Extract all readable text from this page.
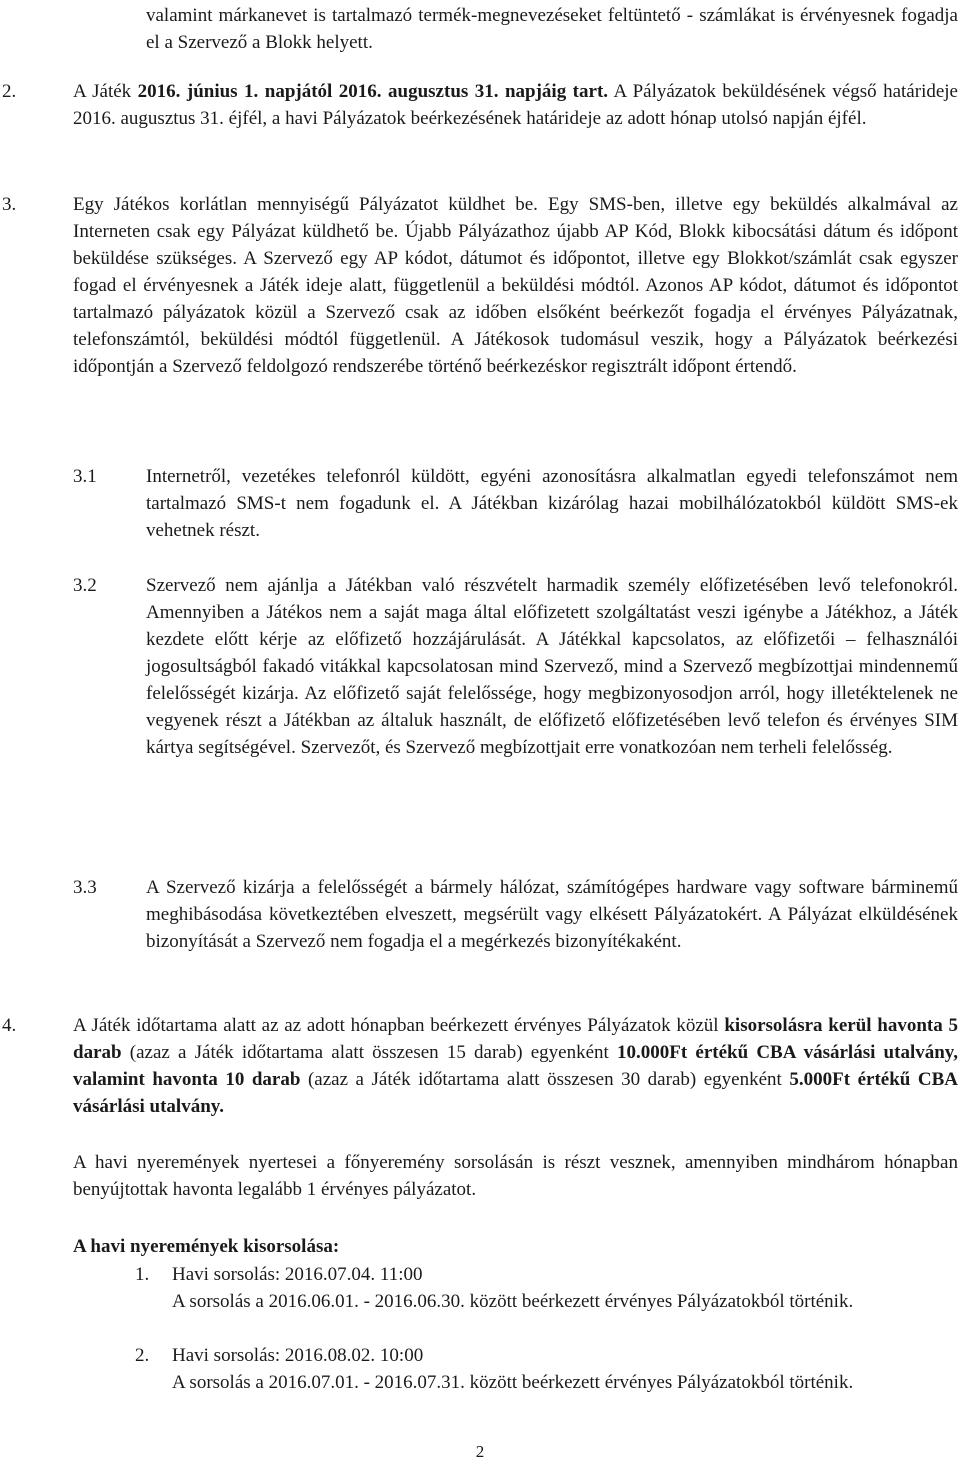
valamint márkanevet is tartalmazó termék-megnevezéseket feltüntető - számlákat is érvényesnek fogadja el a Szervező a Blokk helyett.
2.	A Játék 2016. június 1. napjától 2016. augusztus 31. napjáig tart. A Pályázatok beküldésének végső határideje 2016. augusztus 31. éjfél, a havi Pályázatok beérkezésének határideje az adott hónap utolsó napján éjfél.
3.	Egy Játékos korlátlan mennyiségű Pályázatot küldhet be. Egy SMS-ben, illetve egy beküldés alkalmával az Interneten csak egy Pályázat küldhető be. Újabb Pályázathoz újabb AP Kód, Blokk kibocsátási dátum és időpont beküldése szükséges. A Szervező egy AP kódot, dátumot és időpontot, illetve egy Blokkot/számlát csak egyszer fogad el érvényesnek a Játék ideje alatt, függetlenül a beküldési módtól. Azonos AP kódot, dátumot és időpontot tartalmazó pályázatok közül a Szervező csak az időben elsőként beérkezőt fogadja el érvényes Pályázatnak, telefonszámtól, beküldési módtól függetlenül. A Játékosok tudomásul veszik, hogy a Pályázatok beérkezési időpontján a Szervező feldolgozó rendszerébe történő beérkezéskor regisztrált időpont értendő.
3.1	Internetről, vezetékes telefonról küldött, egyéni azonosításra alkalmatlan egyedi telefonszámot nem tartalmazó SMS-t nem fogadunk el. A Játékban kizárólag hazai mobilhálózatokból küldött SMS-ek vehetnek részt.
3.2	Szervező nem ajánlja a Játékban való részvételt harmadik személy előfizetésében levő telefonokról. Amennyiben a Játékos nem a saját maga által előfizetett szolgáltatást veszi igénybe a Játékhoz, a Játék kezdete előtt kérje az előfizető hozzájárulását. A Játékkal kapcsolatos, az előfizetői – felhasználói jogosultságból fakadó vitákkal kapcsolatosan mind Szervező, mind a Szervező megbízottjai mindennemű felelősségét kizárja. Az előfizető saját felelőssége, hogy megbizonyosodjon arról, hogy illetéktelenek ne vegyenek részt a Játékban az általuk használt, de előfizető előfizetésében levő telefon és érvényes SIM kártya segítségével. Szervezőt, és Szervező megbízottjait erre vonatkozóan nem terheli felelősség.
3.3	A Szervező kizárja a felelősségét a bármely hálózat, számítógépes hardware vagy software bárminemű meghibásodása következtében elveszett, megsérült vagy elkésett Pályázatokért. A Pályázat elküldésének bizonyítását a Szervező nem fogadja el a megérkezés bizonyítékaként.
4.	A Játék időtartama alatt az az adott hónapban beérkezett érvényes Pályázatok közül kisorsolásra kerül havonta 5 darab (azaz a Játék időtartama alatt összesen 15 darab) egyenként 10.000Ft értékű CBA vásárlási utalvány, valamint havonta 10 darab (azaz a Játék időtartama alatt összesen 30 darab) egyenként 5.000Ft értékű CBA vásárlási utalvány.
A havi nyeremények nyertesei a főnyeremény sorsolásán is részt vesznek, amennyiben mindhárom hónapban benyújtottak havonta legalább 1 érvényes pályázatot.
A havi nyeremények kisorsolása:
1. Havi sorsolás: 2016.07.04. 11:00
A sorsolás a 2016.06.01. - 2016.06.30. között beérkezett érvényes Pályázatokból történik.
2. Havi sorsolás: 2016.08.02. 10:00
A sorsolás a 2016.07.01. - 2016.07.31. között beérkezett érvényes Pályázatokból történik.
2
